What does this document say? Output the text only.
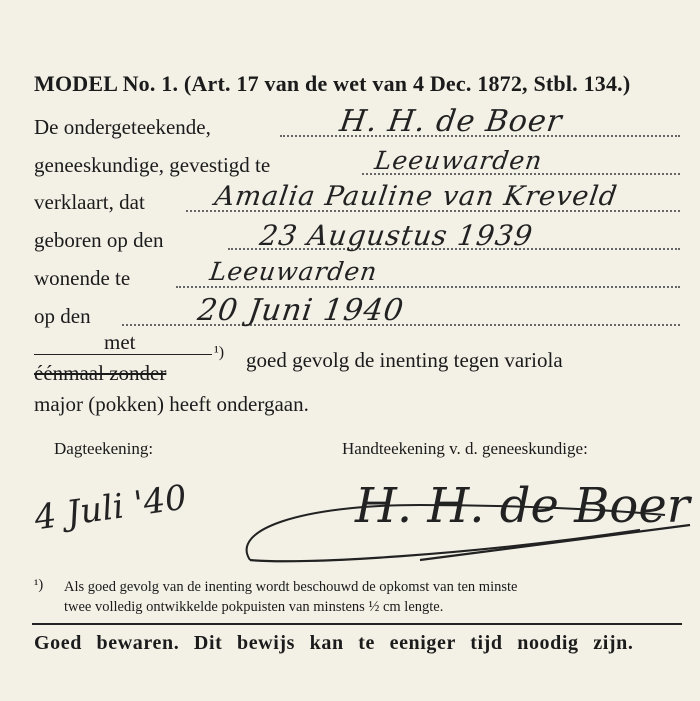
MODEL No. 1. (Art. 17 van de wet van 4 Dec. 1872, Stbl. 134.)
De ondergeteekende,	H. H. de Boer
geneeskundige, gevestigd te	Leeuwarden
verklaart, dat	Amalia Pauline van Kreveld
geboren op den	23 Augustus 1939
wonende te	Leeuwarden
op den	20 Juni 1940
met
éénmaal zonder
¹) goed gevolg de inenting tegen variola
major (pokken) heeft ondergaan.
Dagteekening:	Handteekening v. d. geneeskundige:
4 Juli '40	H. H. de Boer
¹) Als goed gevolg van de inenting wordt beschouwd de opkomst van ten minste
twee volledig ontwikkelde pokpuisten van minstens ½ cm lengte.
Goed bewaren. Dit bewijs kan te eeniger tijd noodig zijn.
